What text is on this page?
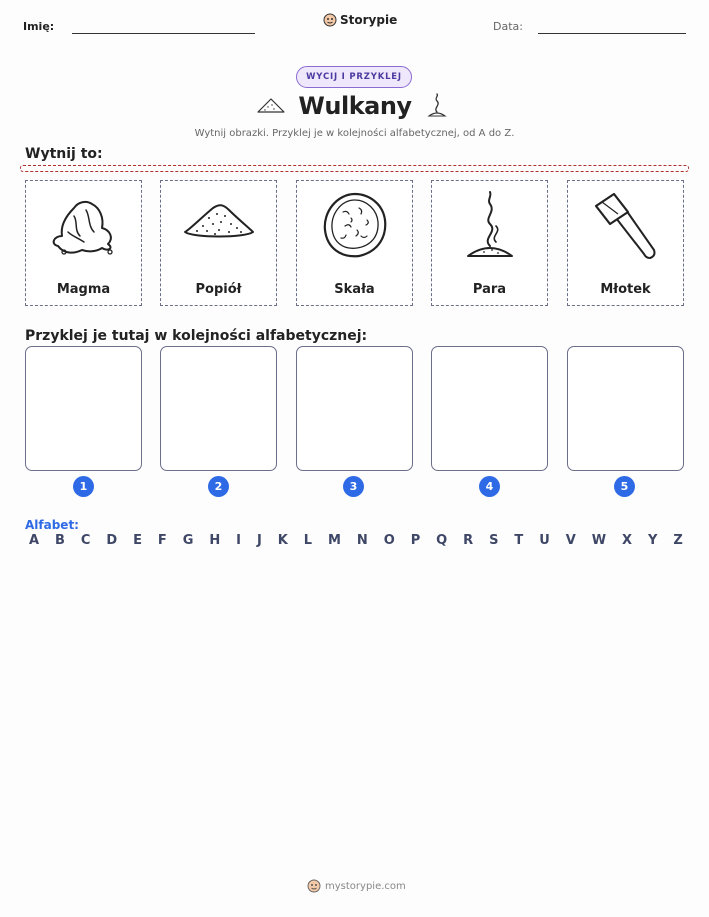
Imię:	Storypie	Data:
WYCIJ I PRZYKLEJ
Wulkany
Wytnij obrazki. Przyklej je w kolejności alfabetycznej, od A do Z.
Wytnij to:
Magma	Popiół	Skała	Para	Młotek
Przyklej je tutaj w kolejności alfabetycznej:
1	2	3	4	5
Alfabet:
A B C D E F G H I J K L M N O P Q R S T U V W X Y Z
mystorypie.com
